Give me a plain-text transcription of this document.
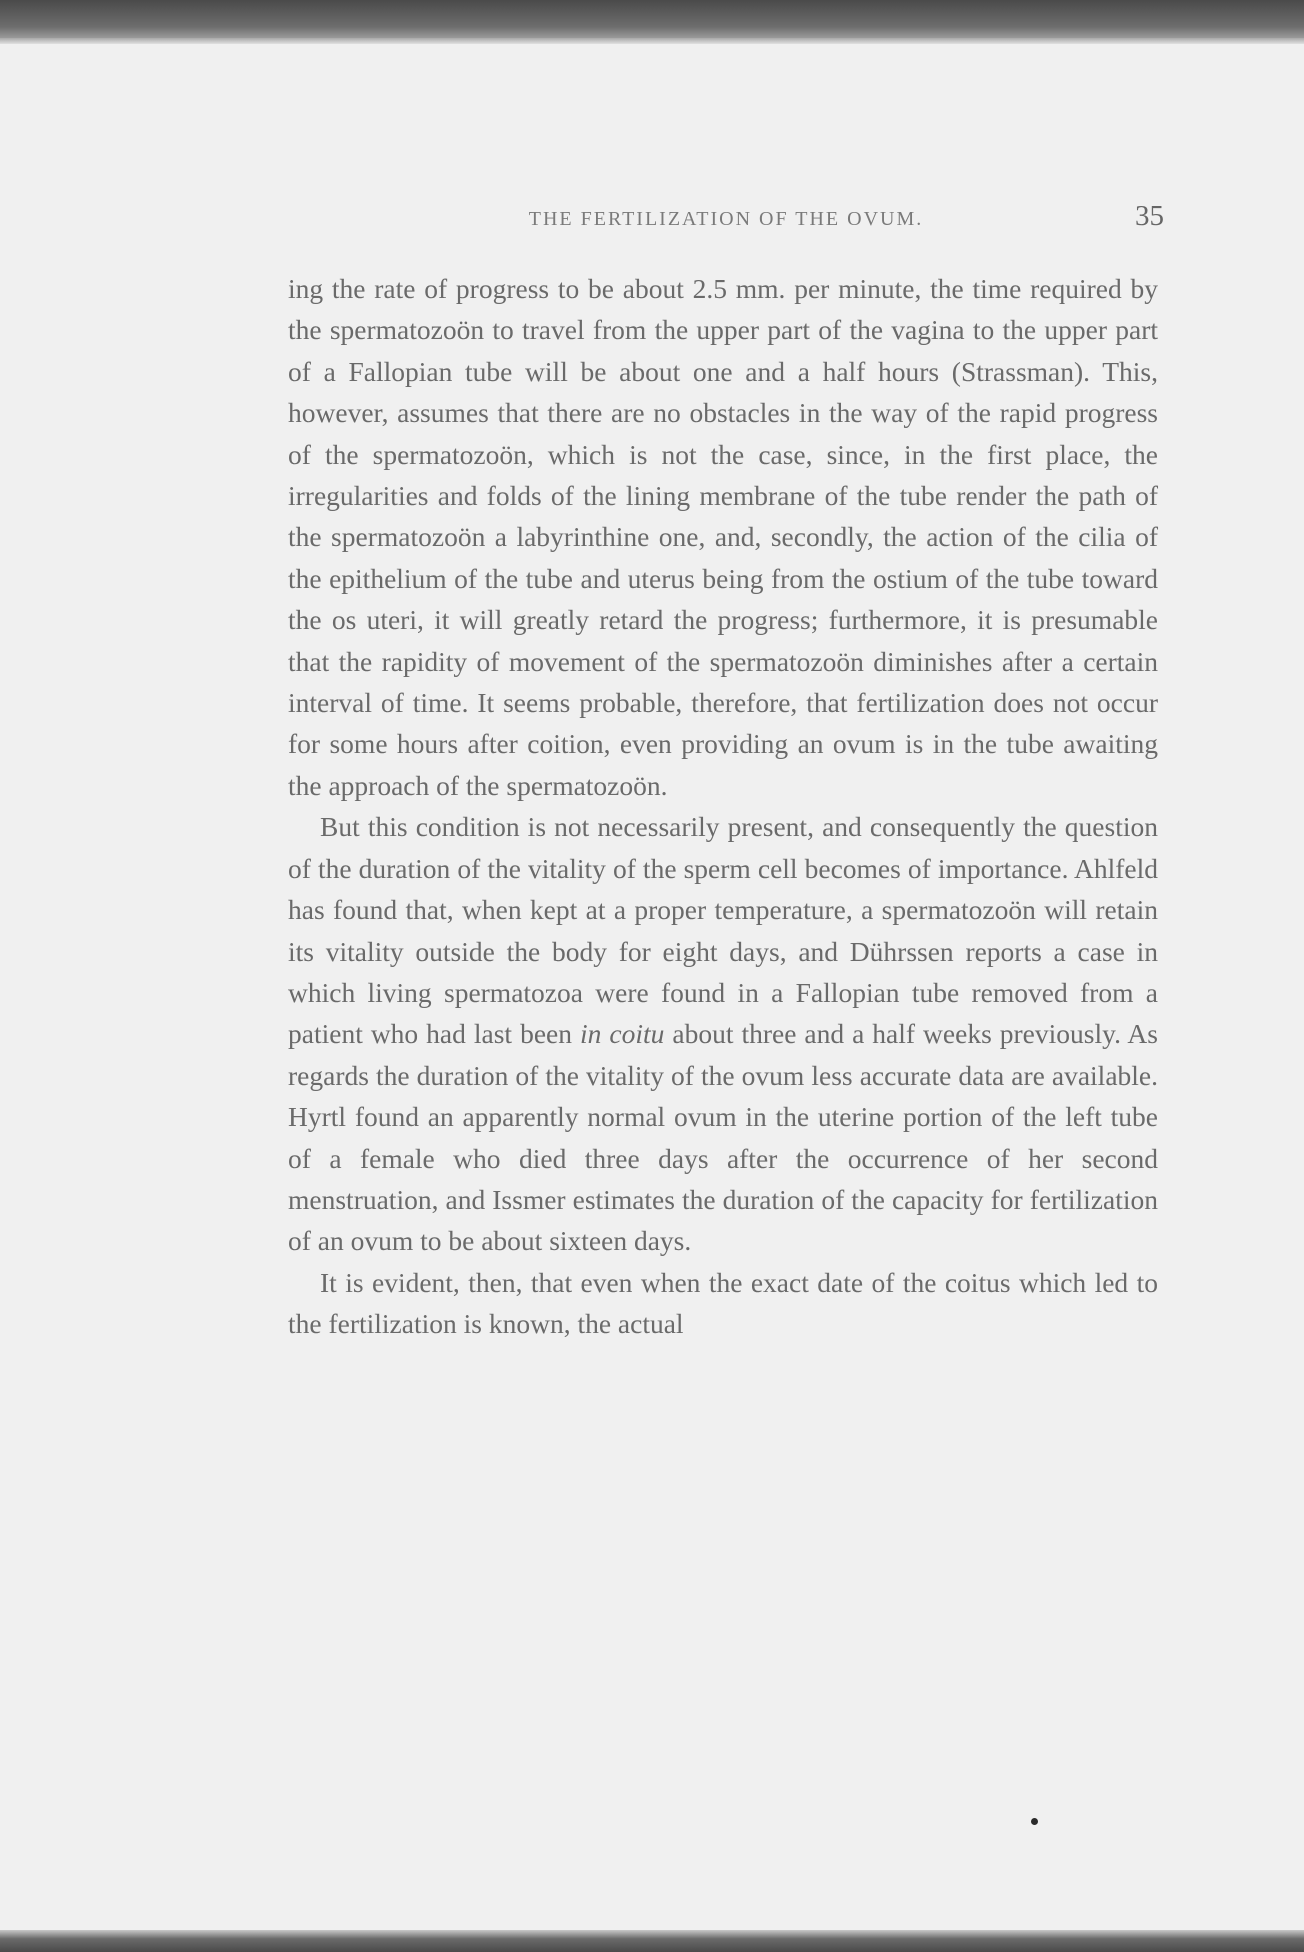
THE FERTILIZATION OF THE OVUM.	35

ing the rate of progress to be about 2.5 mm. per minute, the time required by the spermatozoön to travel from the upper part of the vagina to the upper part of a Fallopian tube will be about one and a half hours (Strassman). This, however, assumes that there are no obstacles in the way of the rapid progress of the spermatozoön, which is not the case, since, in the first place, the irregularities and folds of the lining membrane of the tube render the path of the spermatozoön a labyrinthine one, and, secondly, the action of the cilia of the epithelium of the tube and uterus being from the ostium of the tube toward the os uteri, it will greatly retard the progress; furthermore, it is presumable that the rapidity of movement of the spermatozoön diminishes after a certain interval of time. It seems probable, therefore, that fertilization does not occur for some hours after coition, even providing an ovum is in the tube awaiting the approach of the spermatozoön.

But this condition is not necessarily present, and consequently the question of the duration of the vitality of the sperm cell becomes of importance. Ahlfeld has found that, when kept at a proper temperature, a spermatozoön will retain its vitality outside the body for eight days, and Dührssen reports a case in which living spermatozoa were found in a Fallopian tube removed from a patient who had last been in coitu about three and a half weeks previously. As regards the duration of the vitality of the ovum less accurate data are available. Hyrtl found an apparently normal ovum in the uterine portion of the left tube of a female who died three days after the occurrence of her second menstruation, and Issmer estimates the duration of the capacity for fertilization of an ovum to be about sixteen days.

It is evident, then, that even when the exact date of the coitus which led to the fertilization is known, the actual
